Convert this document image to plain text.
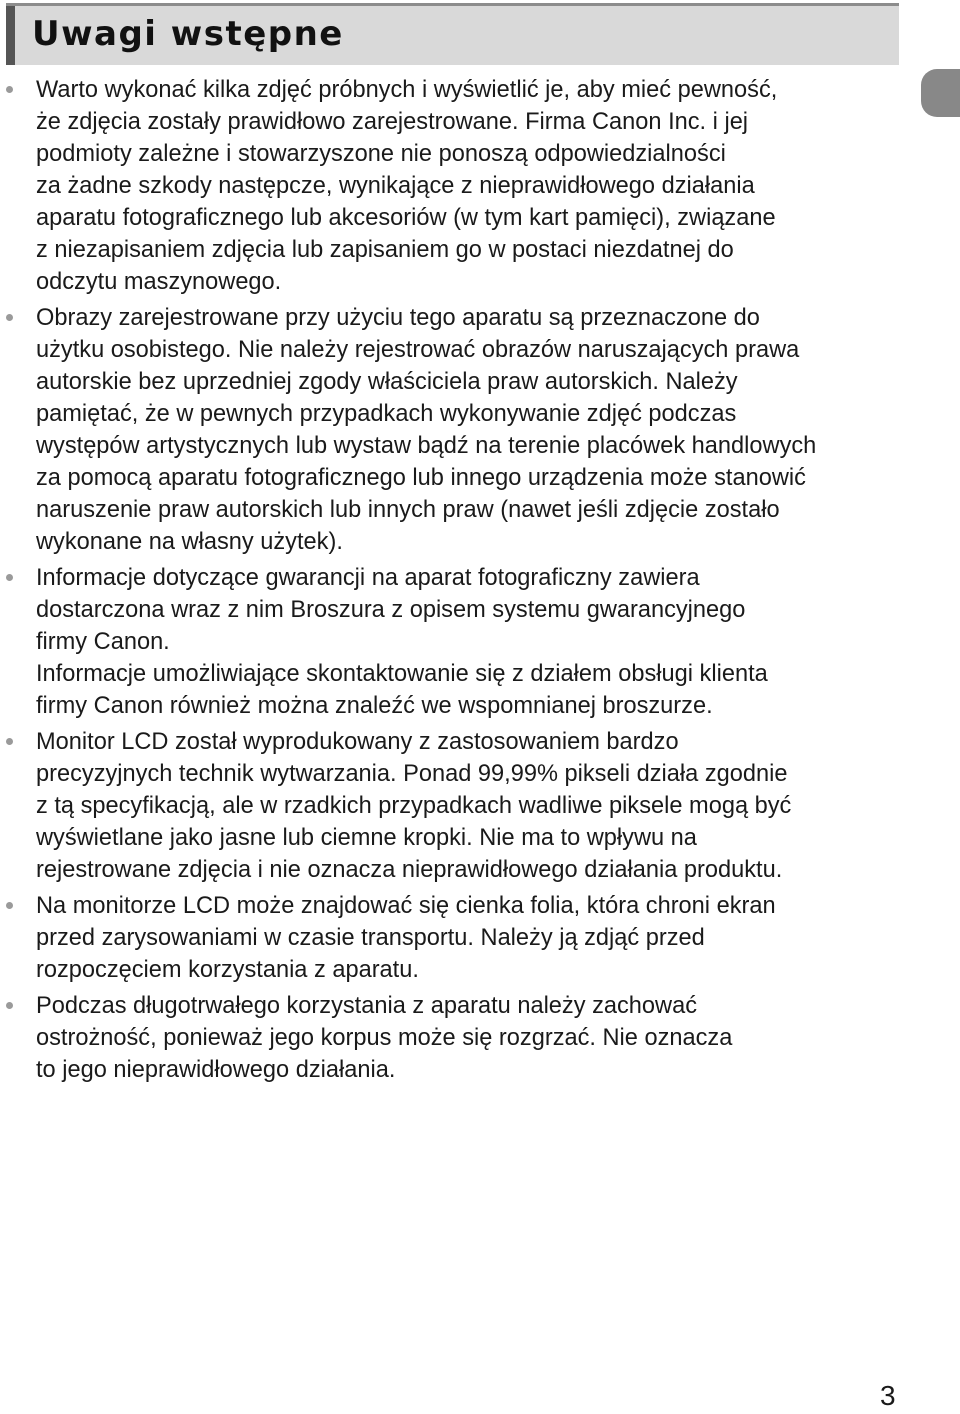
Uwagi wstępne

Warto wykonać kilka zdjęć próbnych i wyświetlić je, aby mieć pewność,

że zdjęcia zostały prawidłowo zarejestrowane. Firma Canon Inc. i jej

podmioty zależne i stowarzyszone nie ponoszą odpowiedzialności

za żadne szkody następcze, wynikające z nieprawidłowego działania

aparatu fotograficznego lub akcesoriów (w tym kart pamięci), związane

z niezapisaniem zdjęcia lub zapisaniem go w postaci niezdatnej do

odczytu maszynowego.

Obrazy zarejestrowane przy użyciu tego aparatu są przeznaczone do

użytku osobistego. Nie należy rejestrować obrazów naruszających prawa

autorskie bez uprzedniej zgody właściciela praw autorskich. Należy

pamiętać, że w pewnych przypadkach wykonywanie zdjęć podczas

występów artystycznych lub wystaw bądź na terenie placówek handlowych

za pomocą aparatu fotograficznego lub innego urządzenia może stanowić

naruszenie praw autorskich lub innych praw (nawet jeśli zdjęcie zostało

wykonane na własny użytek).

Informacje dotyczące gwarancji na aparat fotograficzny zawiera

dostarczona wraz z nim Broszura z opisem systemu gwarancyjnego

firmy Canon.

Informacje umożliwiające skontaktowanie się z działem obsługi klienta

firmy Canon również można znaleźć we wspomnianej broszurze.

Monitor LCD został wyprodukowany z zastosowaniem bardzo

precyzyjnych technik wytwarzania. Ponad 99,99% pikseli działa zgodnie

z tą specyfikacją, ale w rzadkich przypadkach wadliwe piksele mogą być

wyświetlane jako jasne lub ciemne kropki. Nie ma to wpływu na

rejestrowane zdjęcia i nie oznacza nieprawidłowego działania produktu.

Na monitorze LCD może znajdować się cienka folia, która chroni ekran

przed zarysowaniami w czasie transportu. Należy ją zdjąć przed

rozpoczęciem korzystania z aparatu.

Podczas długotrwałego korzystania z aparatu należy zachować

ostrożność, ponieważ jego korpus może się rozgrzać. Nie oznacza

to jego nieprawidłowego działania.

3
